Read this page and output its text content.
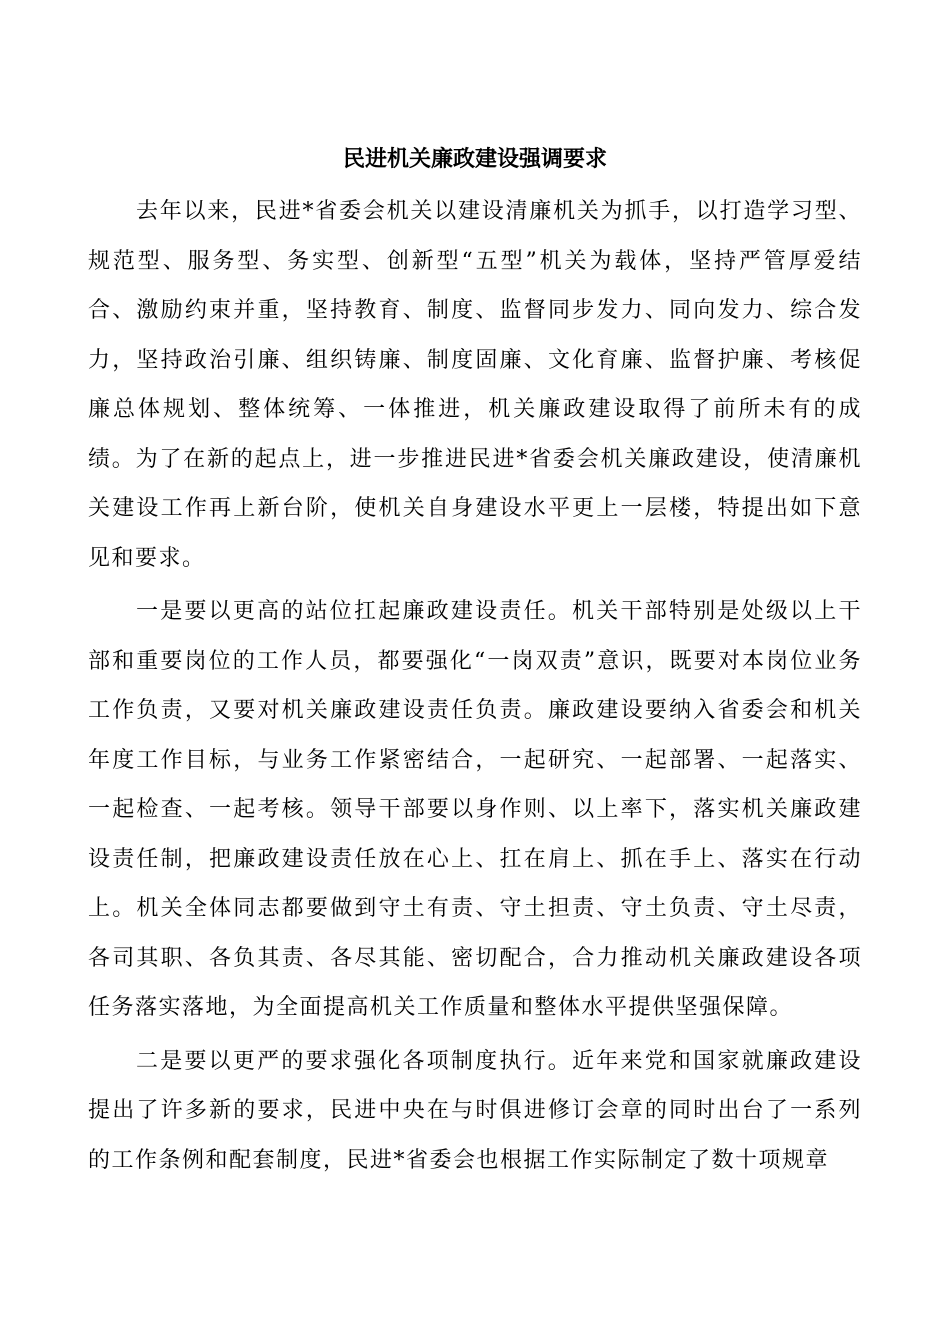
民进机关廉政建设强调要求

去年以来，民进*省委会机关以建设清廉机关为抓手，以打造学习型、规范型、服务型、务实型、创新型“五型”机关为载体，坚持严管厚爱结合、激励约束并重，坚持教育、制度、监督同步发力、同向发力、综合发力，坚持政治引廉、组织铸廉、制度固廉、文化育廉、监督护廉、考核促廉总体规划、整体统筹、一体推进，机关廉政建设取得了前所未有的成绩。为了在新的起点上，进一步推进民进*省委会机关廉政建设，使清廉机关建设工作再上新台阶，使机关自身建设水平更上一层楼，特提出如下意见和要求。

一是要以更高的站位扛起廉政建设责任。机关干部特别是处级以上干部和重要岗位的工作人员，都要强化“一岗双责”意识，既要对本岗位业务工作负责，又要对机关廉政建设责任负责。廉政建设要纳入省委会和机关年度工作目标，与业务工作紧密结合，一起研究、一起部署、一起落实、一起检查、一起考核。领导干部要以身作则、以上率下，落实机关廉政建设责任制，把廉政建设责任放在心上、扛在肩上、抓在手上、落实在行动上。机关全体同志都要做到守土有责、守土担责、守土负责、守土尽责，各司其职、各负其责、各尽其能、密切配合，合力推动机关廉政建设各项任务落实落地，为全面提高机关工作质量和整体水平提供坚强保障。

二是要以更严的要求强化各项制度执行。近年来党和国家就廉政建设提出了许多新的要求，民进中央在与时俱进修订会章的同时出台了一系列的工作条例和配套制度，民进*省委会也根据工作实际制定了数十项规章
